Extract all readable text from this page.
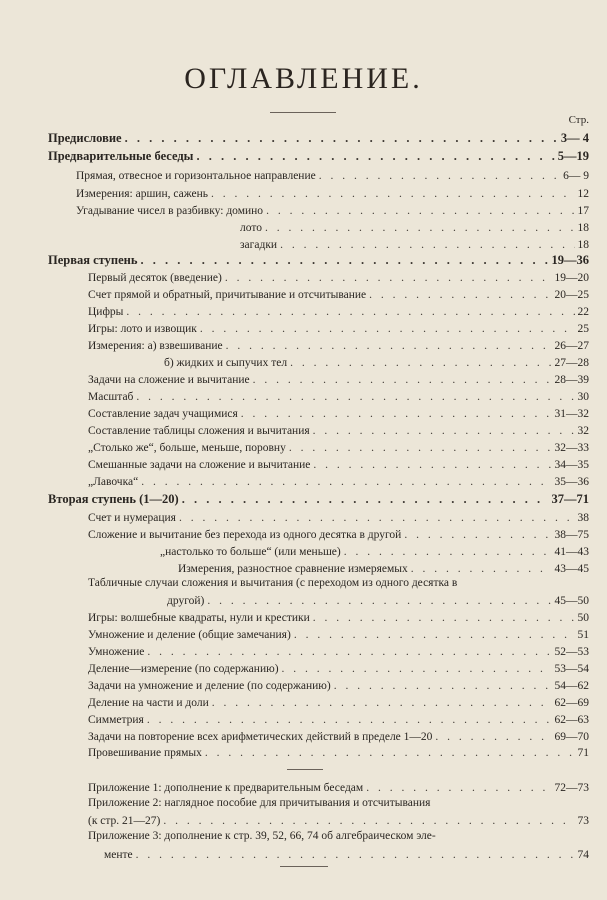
ОГЛАВЛЕНИЕ.
Стр.
Предисловие . . .	3— 4
Предварительные беседы . . .	5—19
Прямая, отвесное и горизонтальное направление . . .	6— 9
Измерения: аршин, сажень . . .	12
Угадывание чисел в разбивку: домино . . .	17
лото . . .	18
загадки . . .	18
Первая ступень . . .	19—36
Первый десяток (введение) . . .	19—20
Счет прямой и обратный, причитывание и отсчитывание . . .	20—25
Цифры . . .	22
Игры: лото и извощик . . .	25
Измерения: а) взвешивание . . .	26—27
б) жидких и сыпучих тел . . .	27—28
Задачи на сложение и вычитание . . .	28—39
Масштаб . . .	30
Составление задач учащимися . . .	31—32
Составление таблицы сложения и вычитания . . .	32
„Столько же“, больше, меньше, поровну . . .	32—33
Смешанные задачи на сложение и вычитание . . .	34—35
„Лавочка“ . . .	35—36
Вторая ступень (1—20) . . .	37—71
Счет и нумерация . . .	38
Сложение и вычитание без перехода из одного десятка в другой . . .	38—75
„настолько то больше“ (или меньше) . . .	41—43
Измерения, разностное сравнение измеряемых . . .	43—45
Табличные случаи сложения и вычитания (с переходом из одного десятка в
другой) . . .	45—50
Игры: волшебные квадраты, нули и крестики . . .	50
Умножение и деление (общие замечания) . . .	51
Умножение . . .	52—53
Деление—измерение (по содержанию) . . .	53—54
Задачи на умножение и деление (по содержанию) . . .	54—62
Деление на части и доли . . .	62—69
Симметрия . . .	62—63
Задачи на повторение всех арифметических действий в пределе 1—20 . . .	69—70
Провешивание прямых . . .	71
Приложение 1: дополнение к предварительным беседам . . .	72—73
Приложение 2: наглядное пособие для причитывания и отсчитывания
(к стр. 21—27) . . .	73
Приложение 3: дополнение к стр. 39, 52, 66, 74 об алгебраическом эле-
менте . . .	74
